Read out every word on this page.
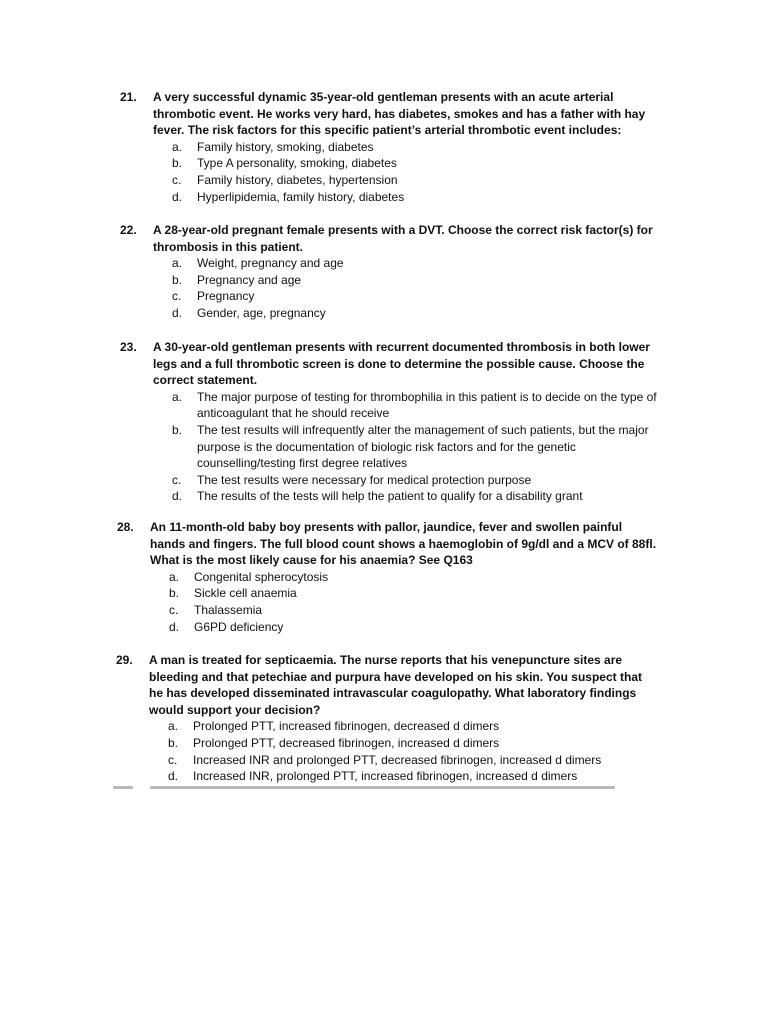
21.	A very successful dynamic 35-year-old gentleman presents with an acute arterial thrombotic event. He works very hard, has diabetes, smokes and has a father with hay fever. The risk factors for this specific patient’s arterial thrombotic event includes:
a.	Family history, smoking, diabetes
b.	Type A personality, smoking, diabetes
c.	Family history, diabetes, hypertension
d.	Hyperlipidemia, family history, diabetes
22.	A 28-year-old pregnant female presents with a DVT. Choose the correct risk factor(s) for thrombosis in this patient.
a.	Weight, pregnancy and age
b.	Pregnancy and age
c.	Pregnancy
d.	Gender, age, pregnancy
23.	A 30-year-old gentleman presents with recurrent documented thrombosis in both lower legs and a full thrombotic screen is done to determine the possible cause. Choose the correct statement.
a.	The major purpose of testing for thrombophilia in this patient is to decide on the type of anticoagulant that he should receive
b.	The test results will infrequently alter the management of such patients, but the major purpose is the documentation of biologic risk factors and for the genetic counselling/testing first degree relatives
c.	The test results were necessary for medical protection purpose
d.	The results of the tests will help the patient to qualify for a disability grant
28.	An 11-month-old baby boy presents with pallor, jaundice, fever and swollen painful hands and fingers. The full blood count shows a haemoglobin of 9g/dl and a MCV of 88fl. What is the most likely cause for his anaemia? See Q163
a.	Congenital spherocytosis
b.	Sickle cell anaemia
c.	Thalassemia
d.	G6PD deficiency
29.	A man is treated for septicaemia. The nurse reports that his venepuncture sites are bleeding and that petechiae and purpura have developed on his skin. You suspect that he has developed disseminated intravascular coagulopathy. What laboratory findings would support your decision?
a.	Prolonged PTT, increased fibrinogen, decreased d dimers
b.	Prolonged PTT, decreased fibrinogen, increased d dimers
c.	Increased INR and prolonged PTT, decreased fibrinogen, increased d dimers
d.	Increased INR, prolonged PTT, increased fibrinogen, increased d dimers
